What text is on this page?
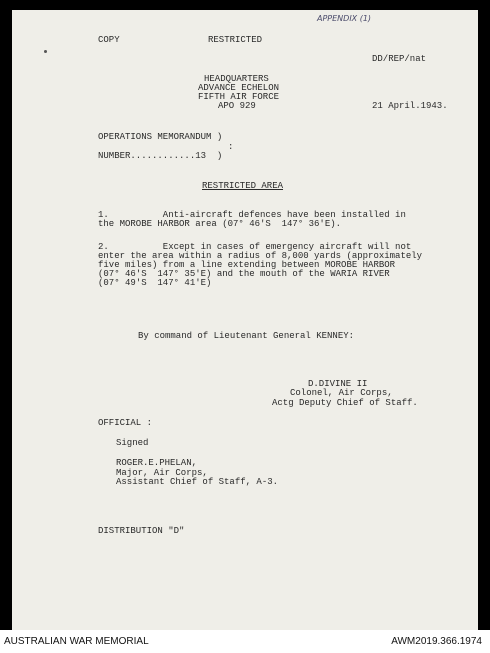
APPENDIX (1)
COPY	RESTRICTED
DD/REP/nat
HEADQUARTERS
ADVANCE ECHELON
FIFTH AIR FORCE
APO 929	21 April.1943.
OPERATIONS MEMORANDUM )
:
NUMBER............13  )
RESTRICTED AREA
1.          Anti-aircraft defences have been installed in
the MOROBE HARBOR area (07° 46'S  147° 36'E).
2.          Except in cases of emergency aircraft will not
enter the area within a radius of 8,000 yards (approximately
five miles) from a line extending between MOROBE HARBOR
(07° 46'S  147° 35'E) and the mouth of the WARIA RIVER
(07° 49'S  147° 41'E)
By command of Lieutenant General KENNEY:
D.DIVINE II
Colonel, Air Corps,
Actg Deputy Chief of Staff.
OFFICIAL :
Signed
ROGER.E.PHELAN,
Major, Air Corps,
Assistant Chief of Staff, A-3.
DISTRIBUTION "D"
AUSTRALIAN WAR MEMORIAL	AWM2019.366.1974
